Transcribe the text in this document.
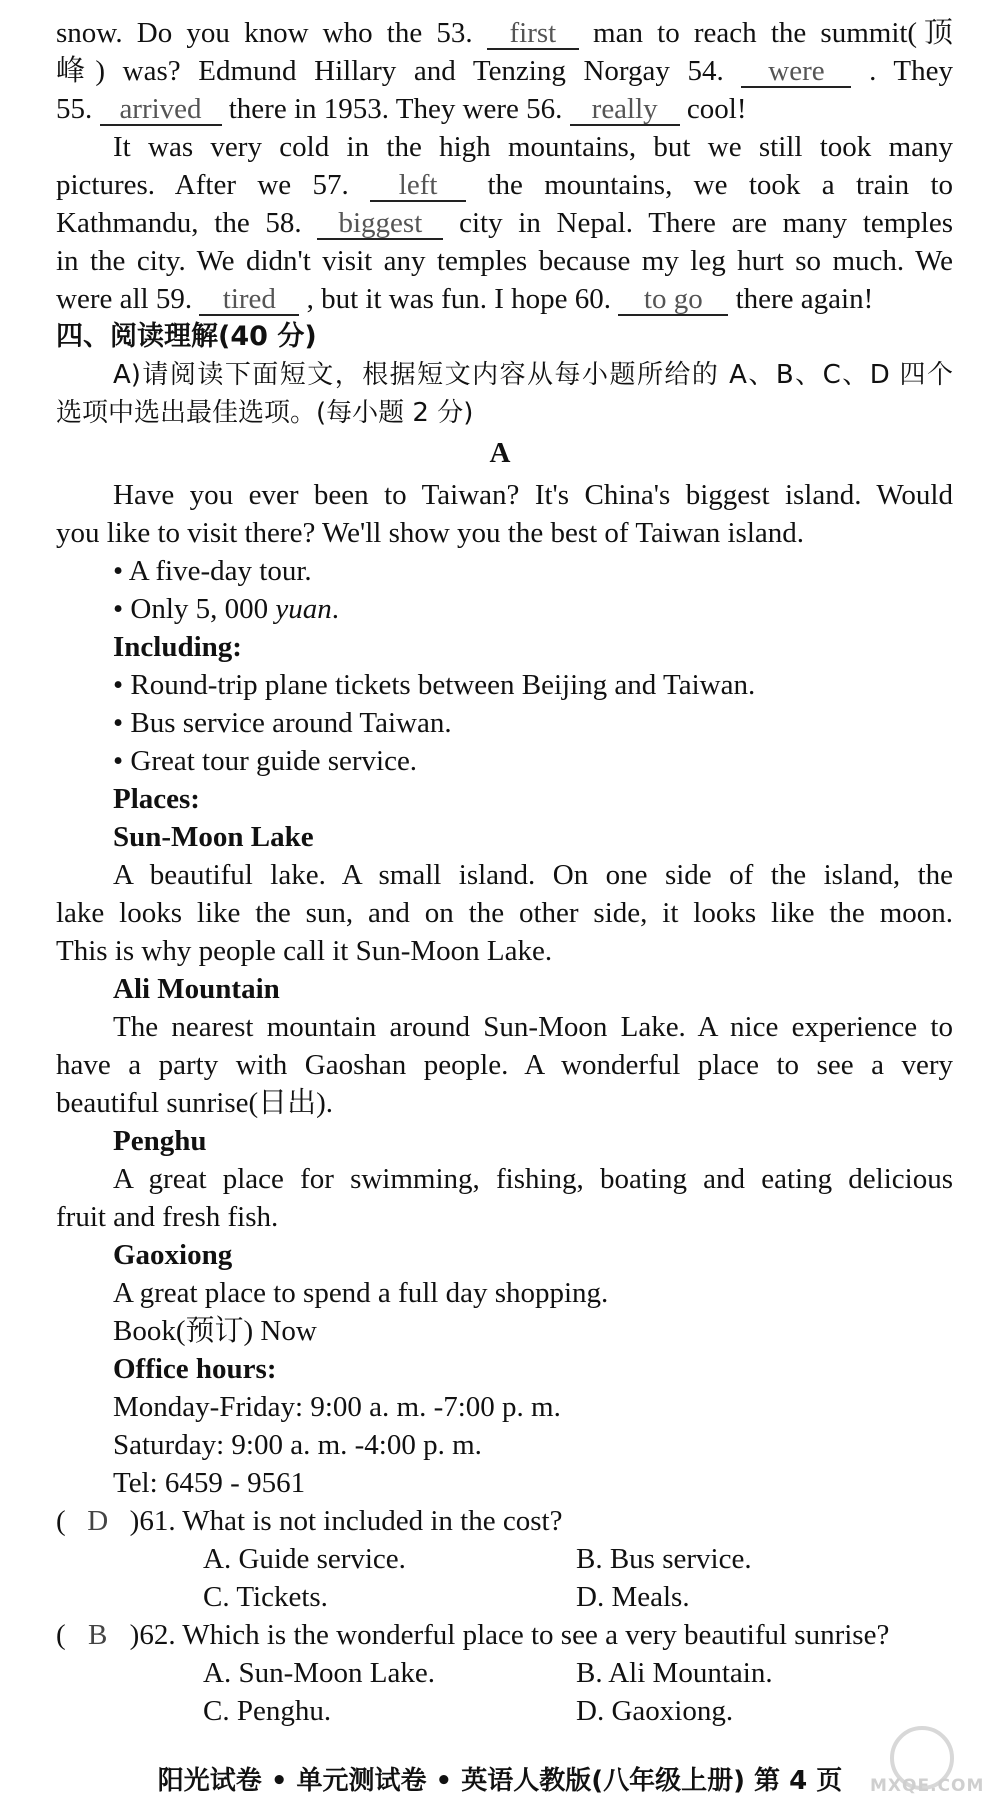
snow. Do you know who the 53. first man to reach the summit(顶
峰) was? Edmund Hillary and Tenzing Norgay 54. were . They
55. arrived there in 1953. They were 56. really cool!
It was very cold in the high mountains, but we still took many
pictures. After we 57. left the mountains, we took a train to
Kathmandu, the 58. biggest city in Nepal. There are many temples
in the city. We didn't visit any temples because my leg hurt so much. We
were all 59. tired , but it was fun. I hope 60. to go there again!
四、阅读理解(40 分)
A)请阅读下面短文，根据短文内容从每小题所给的 A、B、C、D 四个
选项中选出最佳选项。(每小题 2 分)
A
Have you ever been to Taiwan? It's China's biggest island. Would
you like to visit there? We'll show you the best of Taiwan island.
• A five-day tour.
• Only 5, 000 yuan.
Including:
• Round-trip plane tickets between Beijing and Taiwan.
• Bus service around Taiwan.
• Great tour guide service.
Places:
Sun-Moon Lake
A beautiful lake. A small island. On one side of the island, the
lake looks like the sun, and on the other side, it looks like the moon.
This is why people call it Sun-Moon Lake.
Ali Mountain
The nearest mountain around Sun-Moon Lake. A nice experience to
have a party with Gaoshan people. A wonderful place to see a very
beautiful sunrise(日出).
Penghu
A great place for swimming, fishing, boating and eating delicious
fruit and fresh fish.
Gaoxiong
A great place to spend a full day shopping.
Book(预订) Now
Office hours:
Monday-Friday: 9:00 a. m. -7:00 p. m.
Saturday: 9:00 a. m. -4:00 p. m.
Tel: 6459 - 9561
( D )61. What is not included in the cost?
A. Guide service.	B. Bus service.
C. Tickets.	D. Meals.
( B )62. Which is the wonderful place to see a very beautiful sunrise?
A. Sun-Moon Lake.	B. Ali Mountain.
C. Penghu.	D. Gaoxiong.
阳光试卷 • 单元测试卷 • 英语人教版(八年级上册) 第 4 页	MXQE.COM
